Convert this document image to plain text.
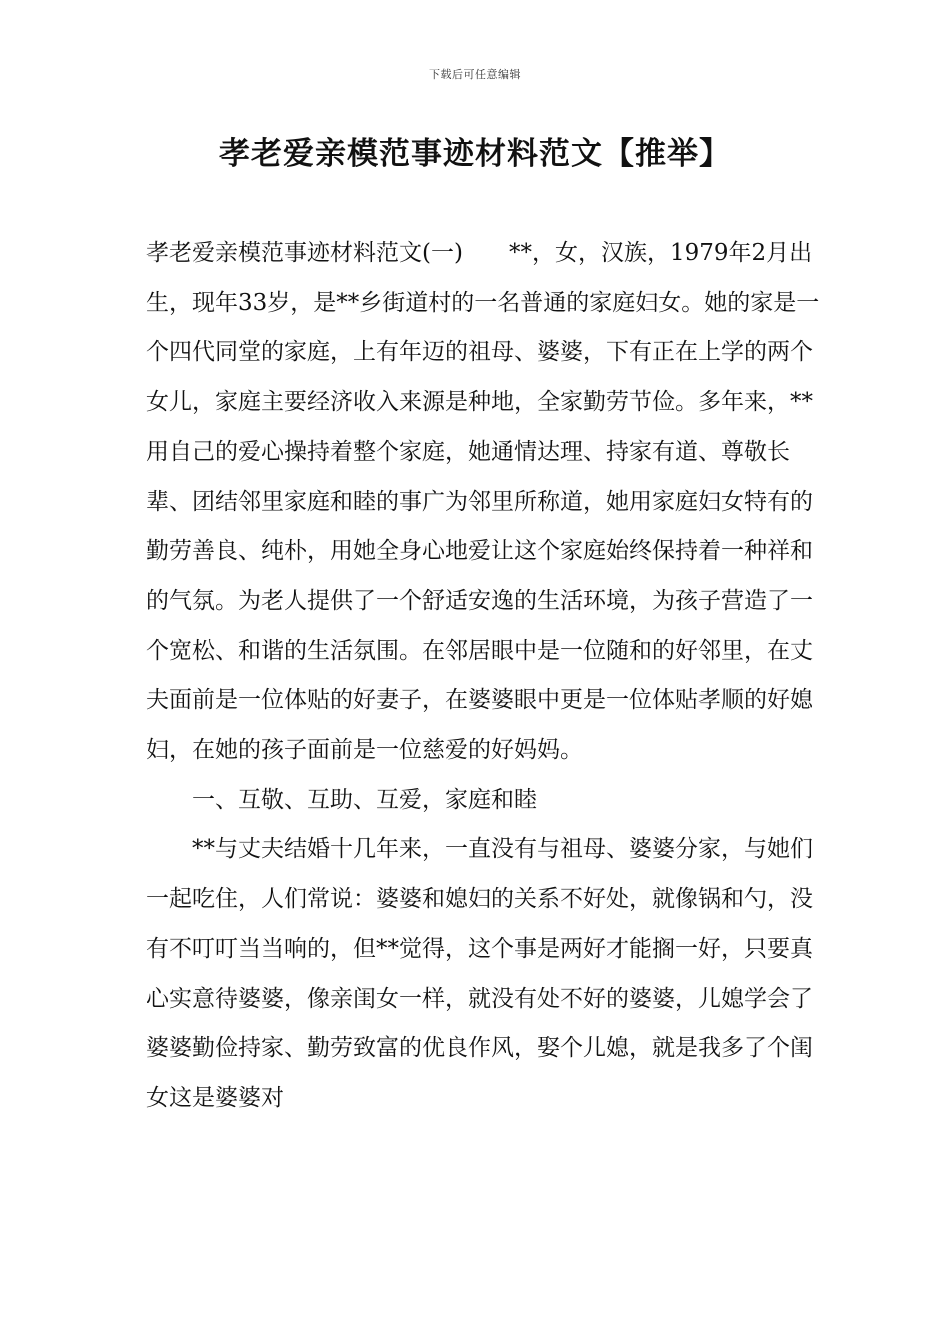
下载后可任意编辑
孝老爱亲模范事迹材料范文【推举】

孝老爱亲模范事迹材料范文(一)　　**，女，汉族，1979年2月出生，现年33岁，是**乡街道村的一名普通的家庭妇女。她的家是一个四代同堂的家庭，上有年迈的祖母、婆婆，下有正在上学的两个女儿，家庭主要经济收入来源是种地，全家勤劳节俭。多年来，**用自己的爱心操持着整个家庭，她通情达理、持家有道、尊敬长辈、团结邻里家庭和睦的事广为邻里所称道，她用家庭妇女特有的勤劳善良、纯朴，用她全身心地爱让这个家庭始终保持着一种祥和的气氛。为老人提供了一个舒适安逸的生活环境，为孩子营造了一个宽松、和谐的生活氛围。在邻居眼中是一位随和的好邻里，在丈夫面前是一位体贴的好妻子，在婆婆眼中更是一位体贴孝顺的好媳妇，在她的孩子面前是一位慈爱的好妈妈。

一、互敬、互助、互爱，家庭和睦

**与丈夫结婚十几年来，一直没有与祖母、婆婆分家，与她们一起吃住，人们常说：婆婆和媳妇的关系不好处，就像锅和勺，没有不叮叮当当响的，但**觉得，这个事是两好才能搁一好，只要真心实意待婆婆，像亲闺女一样，就没有处不好的婆婆，儿媳学会了婆婆勤俭持家、勤劳致富的优良作风，娶个儿媳，就是我多了个闺女这是婆婆对
